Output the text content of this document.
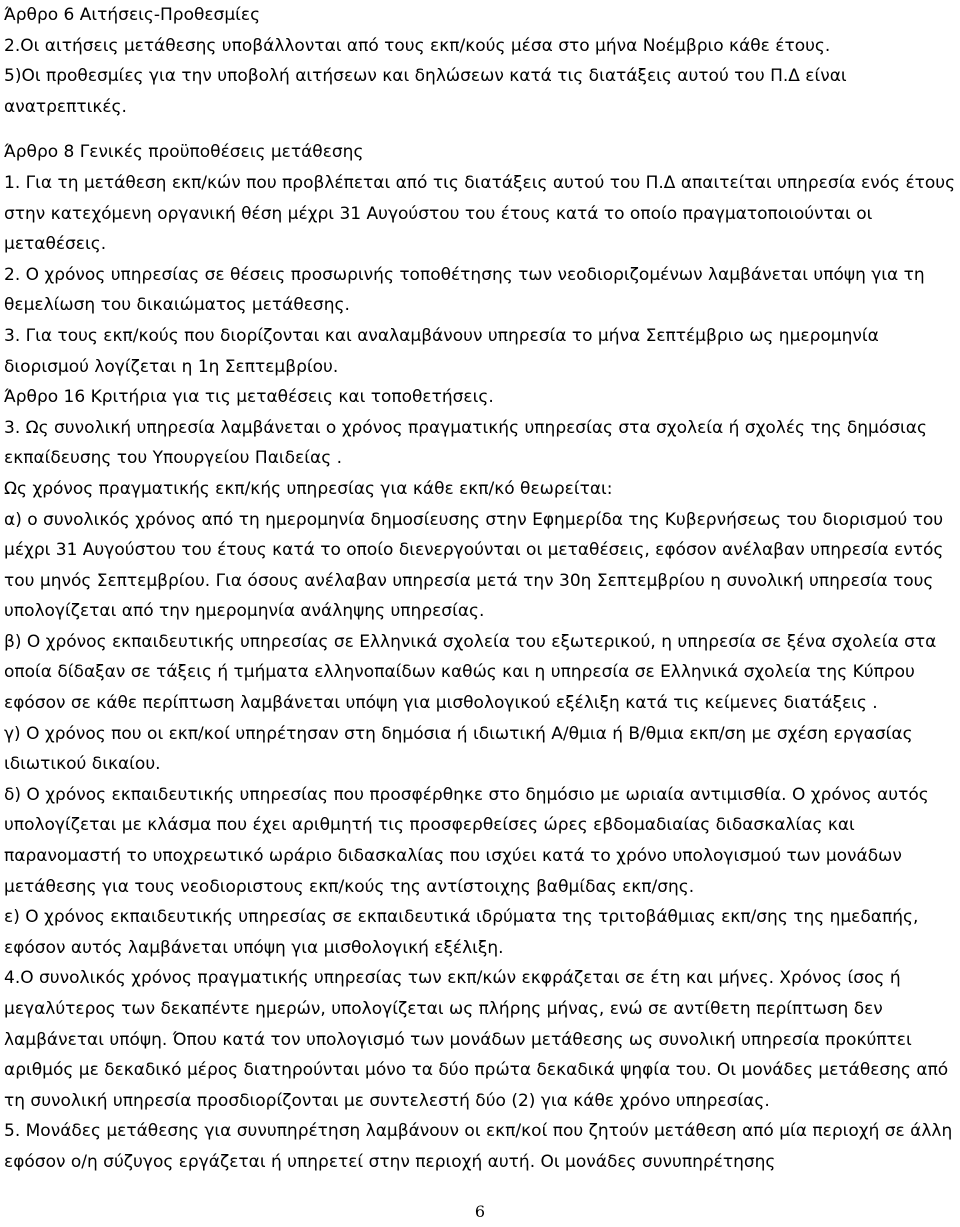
Άρθρο 6 Αιτήσεις-Προθεσμίες

2.Οι αιτήσεις μετάθεσης υποβάλλονται από τους εκπ/κούς μέσα στο μήνα Νοέμβριο κάθε έτους.

5)Οι προθεσμίες για την υποβολή αιτήσεων και δηλώσεων κατά τις διατάξεις αυτού του Π.Δ είναι ανατρεπτικές.

Άρθρο 8 Γενικές προϋποθέσεις μετάθεσης

1. Για τη μετάθεση εκπ/κών που προβλέπεται από τις διατάξεις αυτού του Π.Δ απαιτείται υπηρεσία ενός έτους στην κατεχόμενη οργανική θέση μέχρι 31 Αυγούστου του έτους κατά το οποίο πραγματοποιούνται οι μεταθέσεις.

2. Ο χρόνος υπηρεσίας σε θέσεις προσωρινής τοποθέτησης των νεοδιοριζομένων λαμβάνεται υπόψη για τη θεμελίωση του δικαιώματος μετάθεσης.

3. Για τους εκπ/κούς που διορίζονται και αναλαμβάνουν υπηρεσία το μήνα Σεπτέμβριο ως ημερομηνία διορισμού λογίζεται η 1η Σεπτεμβρίου.

Άρθρο 16 Κριτήρια για τις μεταθέσεις και τοποθετήσεις.

3. Ως συνολική υπηρεσία λαμβάνεται ο χρόνος πραγματικής υπηρεσίας στα σχολεία ή σχολές της δημόσιας εκπαίδευσης του Υπουργείου Παιδείας .

Ως χρόνος πραγματικής εκπ/κής υπηρεσίας για κάθε εκπ/κό θεωρείται:

α) ο συνολικός χρόνος από τη ημερομηνία δημοσίευσης στην Εφημερίδα της Κυβερνήσεως του διορισμού του μέχρι 31 Αυγούστου του έτους κατά το οποίο διενεργούνται οι μεταθέσεις, εφόσον ανέλαβαν υπηρεσία εντός του μηνός Σεπτεμβρίου. Για όσους ανέλαβαν υπηρεσία μετά την 30η Σεπτεμβρίου η συνολική υπηρεσία τους υπολογίζεται από την ημερομηνία ανάληψης υπηρεσίας.

β) Ο χρόνος εκπαιδευτικής υπηρεσίας σε Ελληνικά σχολεία του εξωτερικού, η υπηρεσία σε ξένα σχολεία στα οποία δίδαξαν σε τάξεις ή τμήματα ελληνοπαίδων καθώς και η υπηρεσία σε Ελληνικά σχολεία της Κύπρου εφόσον σε κάθε περίπτωση λαμβάνεται υπόψη για μισθολογικού εξέλιξη κατά τις κείμενες διατάξεις .

γ) Ο χρόνος που οι εκπ/κοί υπηρέτησαν στη δημόσια ή ιδιωτική Α/θμια ή Β/θμια εκπ/ση με σχέση εργασίας ιδιωτικού δικαίου.

δ) Ο χρόνος εκπαιδευτικής υπηρεσίας που προσφέρθηκε στο δημόσιο με ωριαία αντιμισθία. Ο χρόνος αυτός υπολογίζεται με κλάσμα που έχει αριθμητή τις προσφερθείσες ώρες εβδομαδιαίας διδασκαλίας και παρανομαστή το υποχρεωτικό ωράριο διδασκαλίας που ισχύει κατά το χρόνο υπολογισμού των μονάδων μετάθεσης για τους νεοδιοριστους εκπ/κούς της αντίστοιχης βαθμίδας εκπ/σης.

ε) Ο χρόνος εκπαιδευτικής υπηρεσίας σε εκπαιδευτικά ιδρύματα της τριτοβάθμιας εκπ/σης της ημεδαπής, εφόσον αυτός λαμβάνεται υπόψη για μισθολογική εξέλιξη.

4.Ο συνολικός χρόνος πραγματικής υπηρεσίας των εκπ/κών εκφράζεται σε έτη και μήνες. Χρόνος ίσος ή μεγαλύτερος των δεκαπέντε ημερών, υπολογίζεται ως πλήρης μήνας, ενώ σε αντίθετη περίπτωση δεν λαμβάνεται υπόψη. Όπου κατά τον υπολογισμό των μονάδων μετάθεσης ως συνολική υπηρεσία προκύπτει αριθμός με δεκαδικό μέρος διατηρούνται μόνο τα δύο πρώτα δεκαδικά ψηφία του. Οι μονάδες μετάθεσης από τη συνολική υπηρεσία προσδιορίζονται με συντελεστή δύο (2) για κάθε χρόνο υπηρεσίας.

5. Μονάδες μετάθεσης για συνυπηρέτηση λαμβάνουν οι εκπ/κοί που ζητούν μετάθεση από μία περιοχή σε άλλη εφόσον ο/η σύζυγος εργάζεται ή υπηρετεί στην περιοχή αυτή. Οι μονάδες συνυπηρέτησης

6
